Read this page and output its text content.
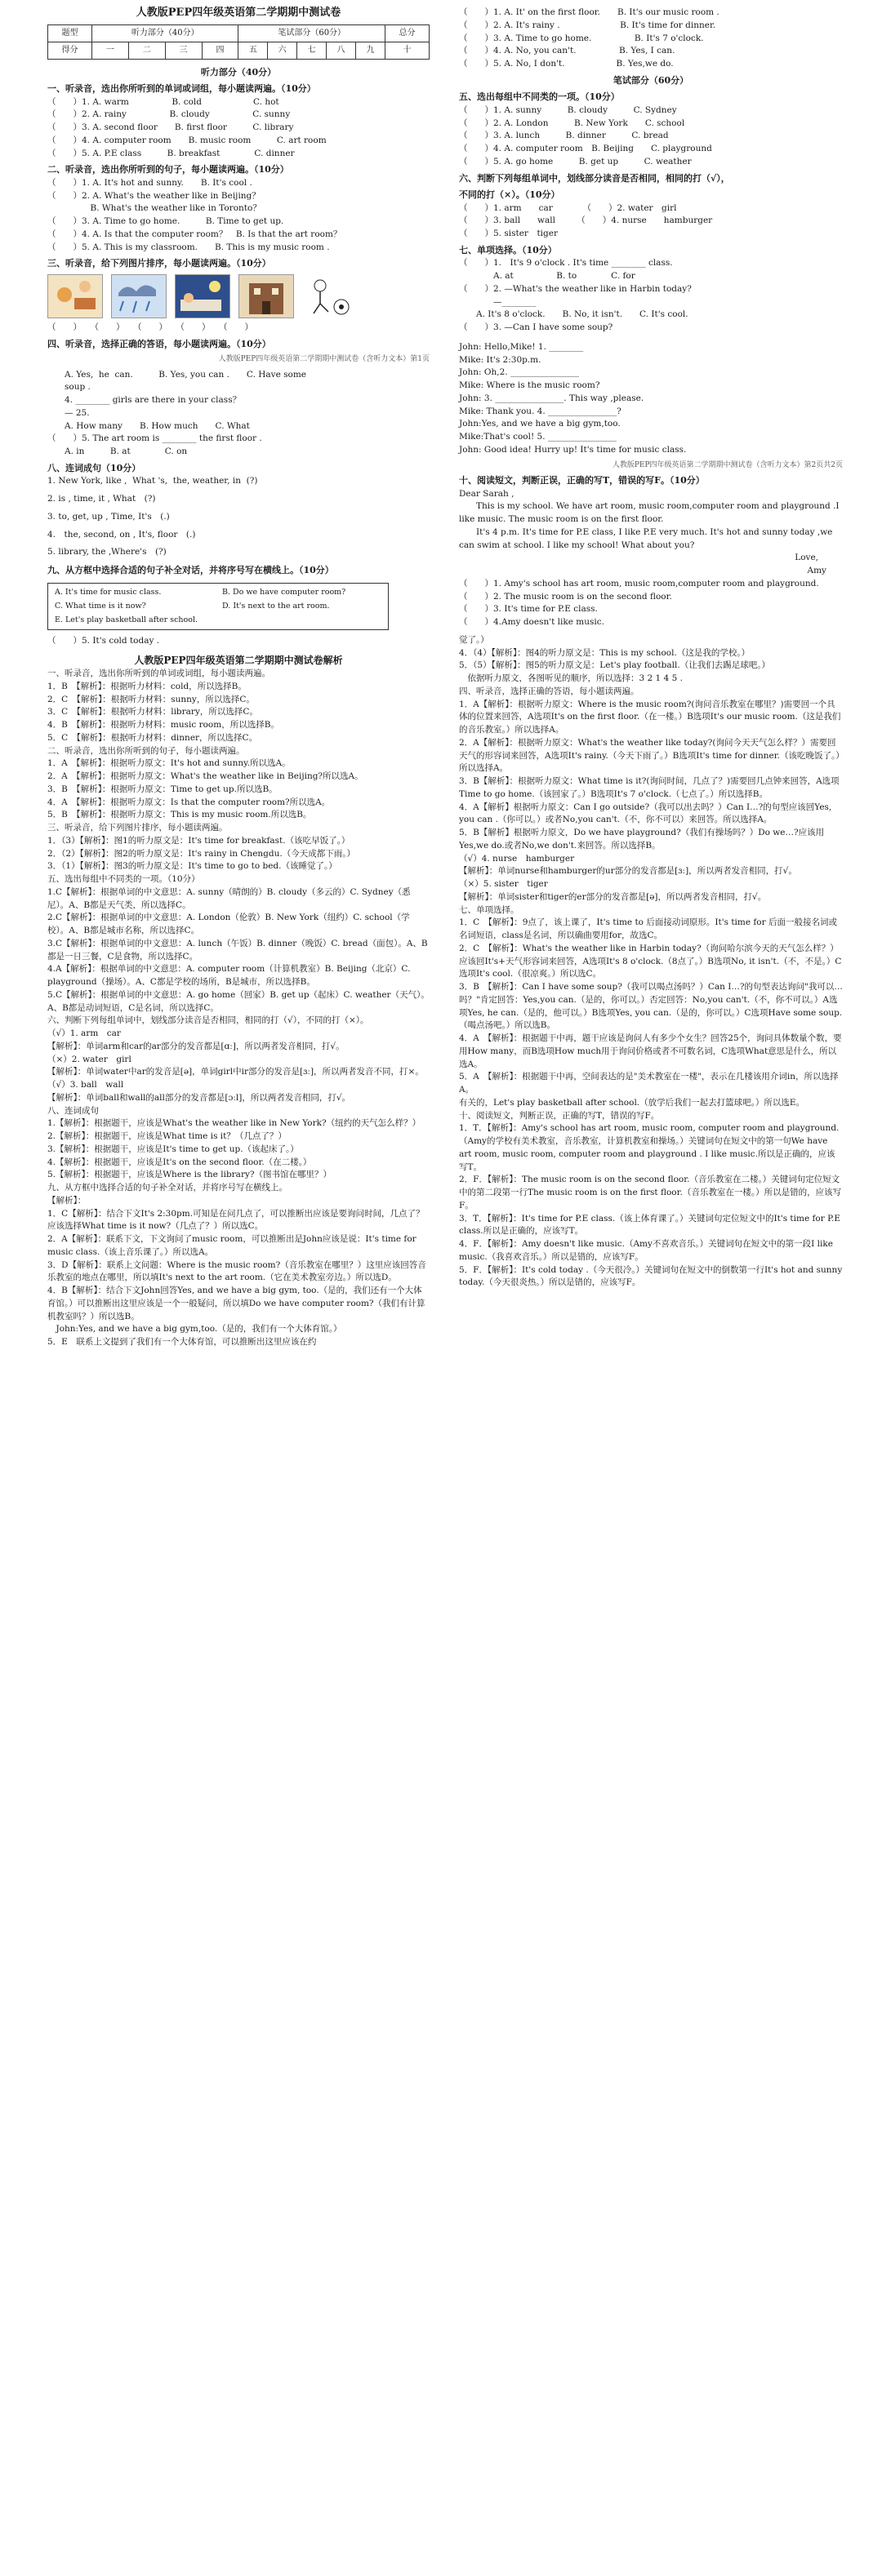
人教版PEP四年级英语第二学期期中测试卷

题型	听力部分（40分）				笔试部分（60分）					总分
得分	一	二	三	四	五	六	七	八	九	十

听力部分（40分）

一、听录音，选出你所听到的单词或词组，每小题读两遍。（10分）

（　　）1. A. warm　　　　　B. cold　　　　　　C. hot

（　　）2. A. rainy　　　　　B. cloudy　　　　　C. sunny

（　　）3. A. second floor　　B. first floor　　　C. library

（　　）4. A. computer room　　B. music room　　　C. art room

（　　）5. A. P.E class　　　B. breakfast　　　　C. dinner

二、听录音，选出你所听到的句子，每小题读两遍。（10分）

（　　）1. A. It's hot and sunny.　　B. It's cool .

（　　）2. A. What's the weather like in Beijing？

　　　　　B. What's the weather like in Toronto？

（　　）3. A. Time to go home.　　　B. Time to get up.

（　　）4. A. Is that the computer room？　B. Is that the art room？

（　　）5. A. This is my classroom.　　B. This is my music room .

三、听录音，给下列图片排序，每小题读两遍。（10分）

（　　）　　（　　）　　（　　）　　（　　）　　（　　）

四、听录音，选择正确的答语，每小题读两遍。（10分）

人教版PEP四年级英语第二学期期中测试卷（含听力文本）第1页

　　A. Yes,  he  can.　　　B. Yes, you can .　　C. Have some

　　soup .

　　4. ________ girls are there in your class？

　　— 25.

　　A. How many　　B. How much　　C. What

（　　）5. The art room is ________ the first floor .

　　A. in　　　B. at　　　　C. on

八、连词成句（10分）

1. New York, like ,  What 's,  the, weather, in  (?)

2. is , time, it , What　(?)

3. to, get, up , Time, It's　(.)

4.　the, second, on , It's, floor　(.)

5. library, the ,Where's　(?)

九、从方框中选择合适的句子补全对话，并将序号写在横线上。（10分）

A. It's time for music class.	B. Do we have computer room?

C. What time is it now?	D. It's next to the art room.

E. Let's play basketball after school.

（　　）5. It's cold today .

人教版PEP四年级英语第二学期期中测试卷解析

一、听录音，选出你所听到的单词或词组，每小题读两遍。

1．B　【解析】：根据听力材料：cold，所以选择B。

2．C　【解析】：根据听力材料：sunny，所以选择C。

3．C　【解析】：根据听力材料：library，所以选择C。

4．B　【解析】：根据听力材料：music room，所以选择B。

5．C　【解析】：根据听力材料：dinner，所以选择C。

二、听录音，选出你所听到的句子，每小题读两遍。

1．A　【解析】：根据听力原文：It's hot and sunny.所以选A。

2．A　【解析】：根据听力原文：What's the weather like in Beijing?所以选A。

3．B　【解析】：根据听力原文：Time to get up.所以选B。

4．A　【解析】：根据听力原文：Is that the computer room?所以选A。

5．B　【解析】：根据听力原文：This is my music room.所以选B。

三、听录音，给下列图片排序，每小题读两遍。

1．（3）【解析】：图1的听力原文是：It's time for breakfast.（该吃早饭了。）

2．（2）【解析】：图2的听力原文是：It's rainy in Chengdu.（今天成都下雨。）

3．（1）【解析】：图3的听力原文是：It's time to go to bed.（该睡觉了。）

五、选出每组中不同类的一项。（10分）

1.C【解析】：根据单词的中文意思：A. sunny（晴朗的）B. cloudy（多云的）C. Sydney（悉尼）。A、B都是天气类，所以选择C。

2.C【解析】：根据单词的中文意思：A. London（伦敦）B. New York（纽约）C. school（学校）。A、B都是城市名称，所以选择C。

3.C【解析】：根据单词的中文意思：A. lunch（午饭）B. dinner（晚饭）C. bread（面包）。A、B都是一日三餐，C是食物，所以选择C。

4.A【解析】：根据单词的中文意思：A. computer room（计算机教室）B. Beijing（北京）C. playground（操场）。A、C都是学校的场所，B是城市，所以选择B。

5.C【解析】：根据单词的中文意思：A. go home（回家）B. get up（起床）C. weather（天气）。A、B都是动词短语，C是名词，所以选择C。

六、判断下列每组单词中，划线部分读音是否相同，相同的打（√），不同的打（×）。

（√）1. arm　car

【解析】：单词arm和car的ar部分的发音都是[ɑː]，所以两者发音相同，打√。

（×）2. water　girl

【解析】：单词water中ar的发音是[ə]，单词girl中ir部分的发音是[ɜː]，所以两者发音不同，打×。

（√）3. ball　wall

【解析】：单词ball和wall的all部分的发音都是[ɔːl]，所以两者发音相同，打√。

八、连词成句

1.【解析】：根据题干，应该是What's the weather like in New York?（纽约的天气怎么样？）

2.【解析】：根据题干，应该是What time is it？（几点了？）

3.【解析】：根据题干，应该是It's time to get up.（该起床了。）

4.【解析】：根据题干，应该是It's on the second floor.（在二楼。）

5.【解析】：根据题干，应该是Where is the library?（图书馆在哪里？）

九、从方框中选择合适的句子补全对话，并将序号写在横线上。

【解析】：

1．C【解析】：结合下文It's 2:30pm.可知是在问几点了，可以推断出应该是要询问时间，几点了？应该选择What time is it now?（几点了？）所以选C。

2．A【解析】：联系下文，下文询问了music room，可以推断出是John应该是说：It's time for music class.（该上音乐课了。）所以选A。

3．D【解析】：联系上文问题：Where is the music room?（音乐教室在哪里？）这里应该回答音乐教室的地点在哪里，所以填It's next to the art room.（它在美术教室旁边。）所以选D。

4．B【解析】：结合下文John回答Yes, and we have a big gym, too.（是的，我们还有一个大体育馆。）可以推断出这里应该是一个一般疑问，所以填Do we have computer room?（我们有计算机教室吗？）所以选B。

　John:Yes, and we have a big gym,too.（是的，我们有一个大体育馆。）

5．E　联系上文提到了我们有一个大体育馆，可以推断出这里应该在约

（　　）1. A. It' on the first floor.　　B. It's our music room .

（　　）2. A. It's rainy .　　　　　　　B. It's time for dinner.

（　　）3. A. Time to go home.　　　　　B. It's 7 o'clock.

（　　）4. A. No, you can't.　　　　　B. Yes, I can.

（　　）5. A. No, I don't.　　　　　　B. Yes,we do.

笔试部分（60分）

五、选出每组中不同类的一项。（10分）

（　　）1. A. sunny　　　B. cloudy　　　C. Sydney

（　　）2. A. London　　　B. New York　　C. school

（　　）3. A. lunch　　　B. dinner　　　C. bread

（　　）4. A. computer room　B. Beijing　　C. playground

（　　）5. A. go home　　　B. get up　　　C. weather

六、判断下列每组单词中，划线部分读音是否相同，相同的打（√），

不同的打（×）。（10分）

（　　）1. arm　　car　　　　（　　）2. water　girl

（　　）3. ball　　wall　　　（　　）4. nurse　　hamburger

（　　）5. sister　tiger

七、单项选择。（10分）

（　　）1.　It's 9 o'clock . It's time ________ class.

　　　　A. at　　　　　B. to　　　　C. for

（　　）2. —What's the weather like in Harbin today?

　　　　—________

　　A. It's 8 o'clock.　　B. No, it isn't.　　C. It's cool.

（　　）3. —Can I have some soup?

John: Hello,Mike! 1. ________

Mike: It's 2:30p.m.

John: Oh,2. ________________

Mike: Where is the music room?

John: 3. ________________. This way ,please.

Mike: Thank you. 4. ________________?

John:Yes, and we have a big gym,too.

Mike:That's cool! 5. ________________

John: Good idea! Hurry up! It's time for music class.

人教版PEP四年级英语第二学期期中测试卷（含听力文本）第2页共2页

十、阅读短文，判断正误，正确的写T，错误的写F。（10分）

Dear Sarah ,

　　This is my school. We have art room, music room,computer room and playground .I like music. The music room is on the first floor.

　　It's 4 p.m. It's time for P.E class, I like P.E very much. It's hot and sunny today ,we can swim at school. I like my school! What about you?

Love,

Amy

（　　）1. Amy's school has art room, music room,computer room and playground.

（　　）2. The music room is on the second floor.

（　　）3. It's time for P.E class.

（　　）4.Amy doesn't like music.

觉了。）

4．（4）【解析】：图4的听力原文是：This is my school.（这是我的学校。）

5．（5）【解析】：图5的听力原文是：Let's play football.（让我们去踢足球吧。）

　依据听力原文，各图听见的顺序，所以选择：3 2 1 4 5 .

四、听录音，选择正确的答语，每小题读两遍。

1．A【解析】：根据听力原文：Where is the music room?(询问音乐教室在哪里？)需要回一个具体的位置来回答，A选项It's on the first floor.（在一楼。）B选项It's our music room.（这是我们的音乐教室。）所以选择A。

2．A【解析】：根据听力原文：What's the weather like today?(询问今天天气怎么样？）需要回天气的形容词来回答，A选项It's rainy.（今天下雨了。）B选项It's time for dinner.（该吃晚饭了。）所以选择A。

3．B【解析】：根据听力原文：What time is it?(询问时间，几点了？)需要回几点钟来回答，A选项Time to go home.（该回家了。）B选项It's 7 o'clock.（七点了。）所以选择B。

4．A【解析】根据听力原文：Can I go outside?（我可以出去吗？）Can I…?的句型应该回Yes, you can .（你可以。）或者No,you can't.（不，你不可以）来回答。所以选择A。

5．B【解析】根据听力原文，Do we have playground?（我们有操场吗？）Do we…?应该用Yes,we do.或者No,we don't.来回答。所以选择B。

（√）4. nurse　hamburger

【解析】：单词nurse和hamburger的ur部分的发音都是[ɜː]，所以两者发音相同，打√。

（×）5. sister　tiger

【解析】：单词sister和tiger的er部分的发音都是[ə]，所以两者发音相同，打√。

七、单项选择。

1．C　【解析】：9点了，该上课了，It's time to 后面接动词原形。It's time for 后面一般接名词或名词短语，class是名词，所以确曲要用for，故选C。

2．C　【解析】：What's the weather like in Harbin today?（询问哈尔滨今天的天气怎么样？）应该回It's+天气形容词来回答，A选项It's 8 o'clock.（8点了。）B选项No, it isn't.（不，不是。）C选项It's cool.（很凉爽。）所以选C。

3．B　【解析】：Can I have some soup?（我可以喝点汤吗？）Can I…?的句型表达询问"我可以…吗？"肯定回答：Yes,you can.（是的，你可以。）否定回答：No,you can't.（不，你不可以。）A选项Yes, he can.（是的，他可以。）B选项Yes, you can.（是的，你可以。）C选项Have some soup.（喝点汤吧。）所以选B。

4．A　【解析】：根据题干中再，题干应该是询问人有多少个女生？回答25个，询问具体数量个数，要用How many，而B选项How much用于询问价格或者不可数名词，C选项What意思是什么，所以选A。

5．A　【解析】：根据题干中再，空间表达的是"美术教室在一楼"，表示在几楼该用介词in，所以选择A。

有关的，Let's play basketball after school.（放学后我们一起去打篮球吧。）所以选E。

十、阅读短文，判断正误，正确的写T，错误的写F。

1．T．【解析】：Amy's school has art room, music room, computer room and playground.（Amy的学校有美术教室，音乐教室，计算机教室和操场。）关键词句在短文中的第一句We have art room, music room, computer room and playground . I like music.所以是正确的，应该写T。

2．F．【解析】：The music room is on the second floor.（音乐教室在二楼。）关键词句定位短文中的第二段第一行The music room is on the first floor.（音乐教室在一楼。）所以是错的，应该写F。

3．T．【解析】：It's time for P.E class.（该上体育课了。）关键词句定位短文中的It's time for P.E class.所以是正确的，应该写T。

4．F．【解析】：Amy doesn't like music.（Amy不喜欢音乐。）关键词句在短文中的第一段I like music.（我喜欢音乐。）所以是错的，应该写F。

5．F．【解析】：It's cold today .（今天很冷。）关键词句在短文中的倒数第一行It's hot and sunny today.（今天很炎热。）所以是错的，应该写F。
